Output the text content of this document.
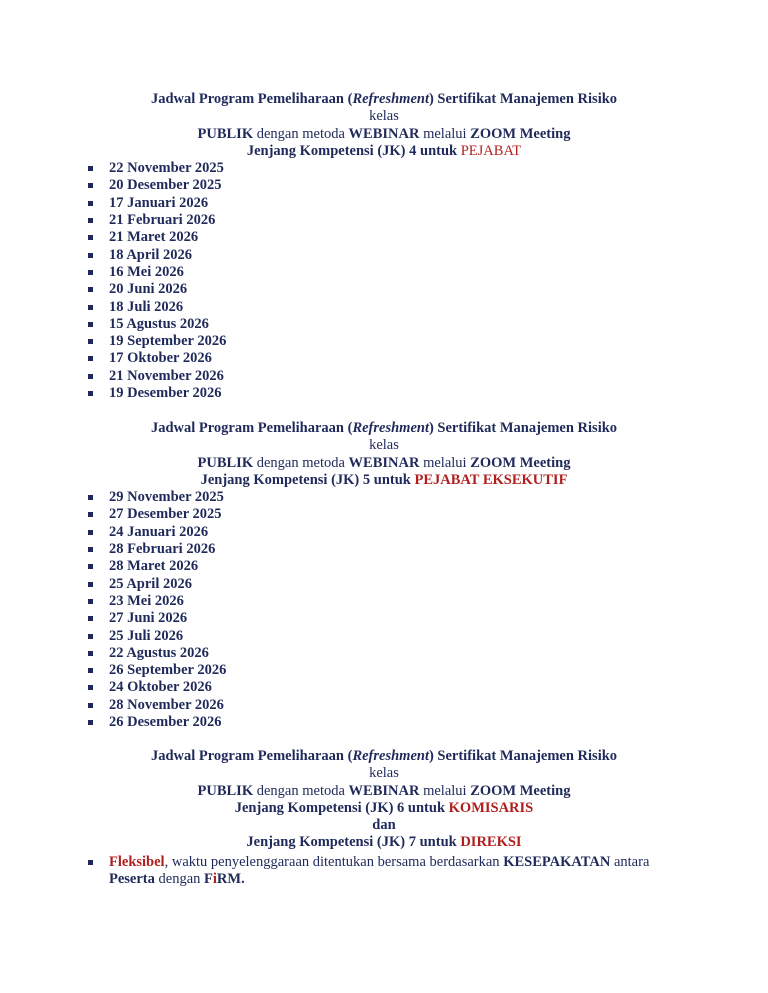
Jadwal Program Pemeliharaan (Refreshment) Sertifikat Manajemen Risiko
kelas
PUBLIK dengan metoda WEBINAR melalui ZOOM Meeting
Jenjang Kompetensi (JK) 4 untuk PEJABAT
22 November 2025
20 Desember 2025
17 Januari 2026
21 Februari 2026
21 Maret 2026
18 April 2026
16 Mei 2026
20 Juni 2026
18 Juli 2026
15 Agustus 2026
19 September 2026
17 Oktober 2026
21 November 2026
19 Desember 2026
Jadwal Program Pemeliharaan (Refreshment) Sertifikat Manajemen Risiko
kelas
PUBLIK dengan metoda WEBINAR melalui ZOOM Meeting
Jenjang Kompetensi (JK) 5 untuk PEJABAT EKSEKUTIF
29 November 2025
27 Desember 2025
24 Januari 2026
28 Februari 2026
28 Maret 2026
25 April 2026
23 Mei 2026
27 Juni 2026
25 Juli 2026
22 Agustus 2026
26 September 2026
24 Oktober 2026
28 November 2026
26 Desember 2026
Jadwal Program Pemeliharaan (Refreshment) Sertifikat Manajemen Risiko
kelas
PUBLIK dengan metoda WEBINAR melalui ZOOM Meeting
Jenjang Kompetensi (JK) 6 untuk KOMISARIS
dan
Jenjang Kompetensi (JK) 7 untuk DIREKSI
Fleksibel, waktu penyelenggaraan ditentukan bersama berdasarkan KESEPAKATAN antara Peserta dengan FiRM.
